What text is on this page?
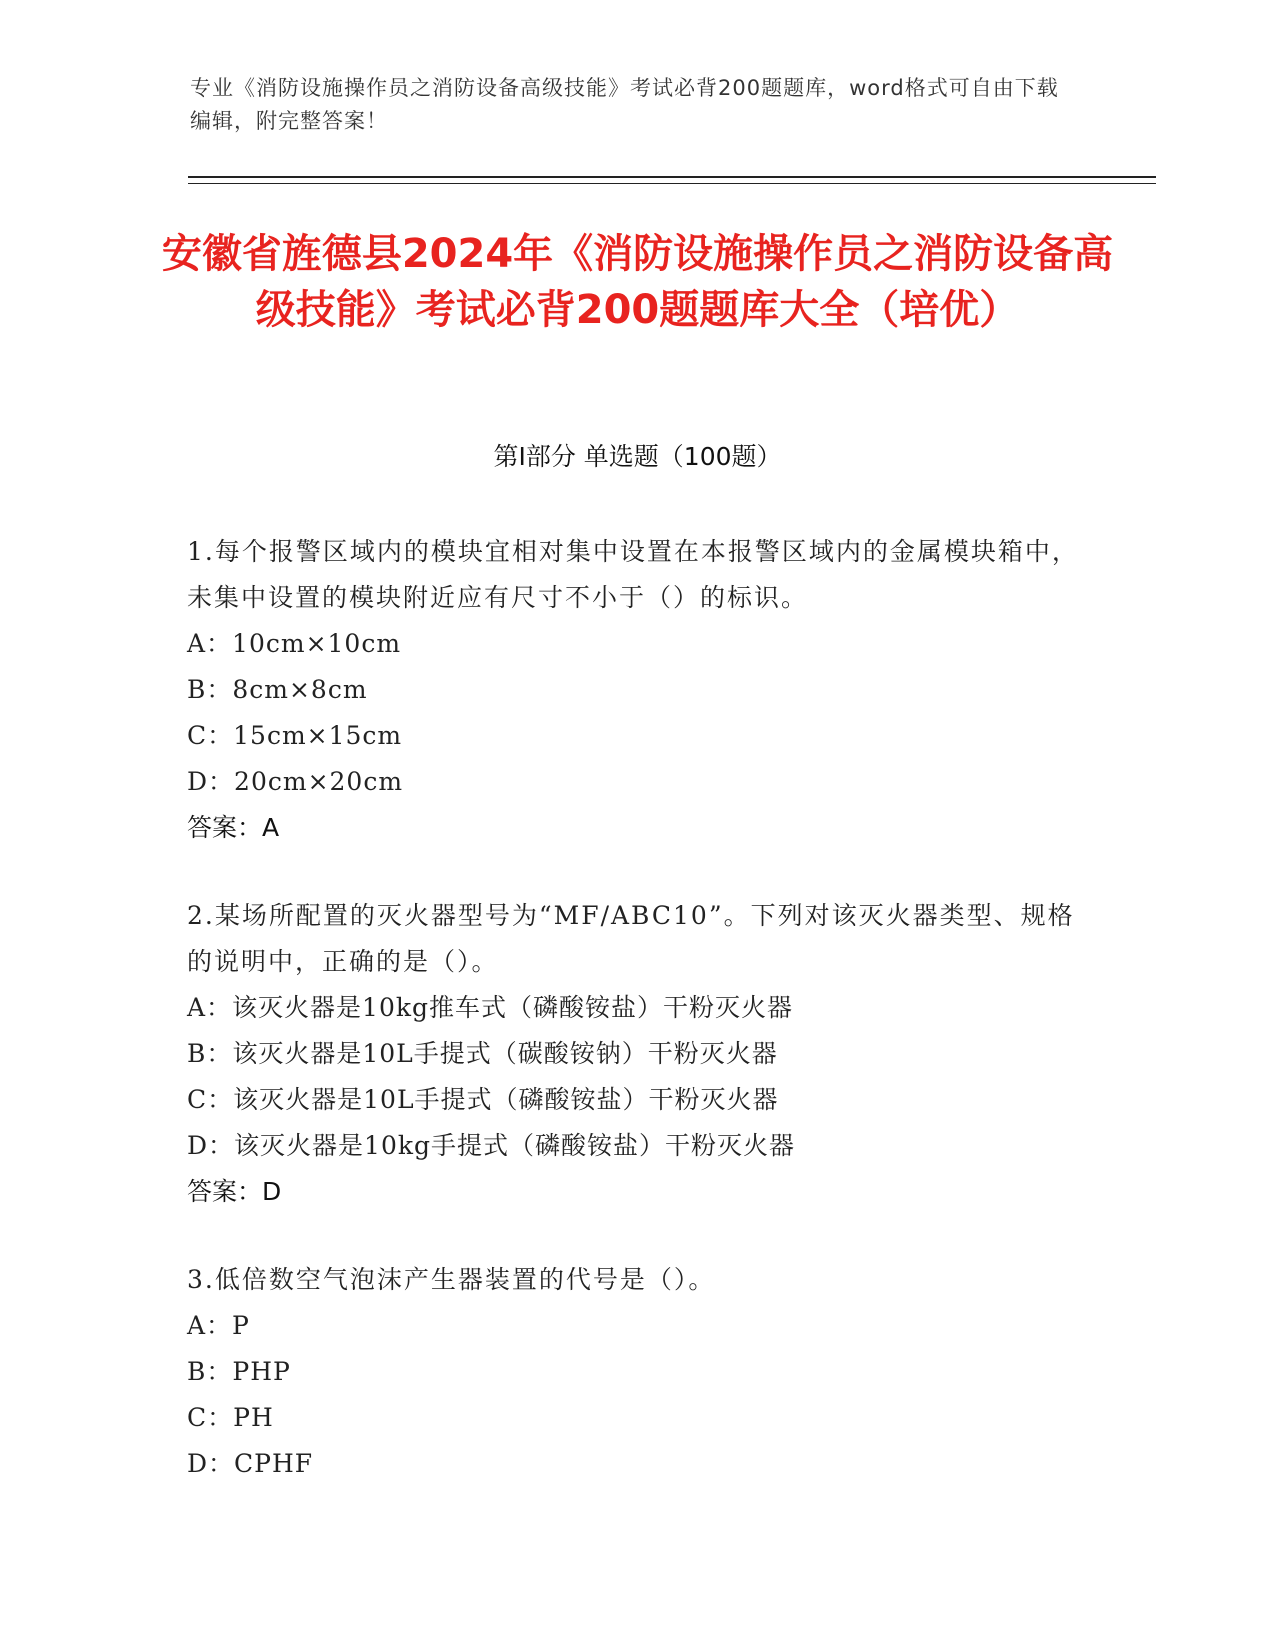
专业《消防设施操作员之消防设备高级技能》考试必背200题题库，word格式可自由下载编辑，附完整答案！
安徽省旌德县2024年《消防设施操作员之消防设备高级技能》考试必背200题题库大全（培优）
第I部分 单选题（100题）
1.每个报警区域内的模块宜相对集中设置在本报警区域内的金属模块箱中，未集中设置的模块附近应有尺寸不小于（）的标识。
A：10cm×10cm
B：8cm×8cm
C：15cm×15cm
D：20cm×20cm
答案：A
2.某场所配置的灭火器型号为“MF/ABC10”。下列对该灭火器类型、规格的说明中，正确的是（）。
A：该灭火器是10kg推车式（磷酸铵盐）干粉灭火器
B：该灭火器是10L手提式（碳酸铵钠）干粉灭火器
C：该灭火器是10L手提式（磷酸铵盐）干粉灭火器
D：该灭火器是10kg手提式（磷酸铵盐）干粉灭火器
答案：D
3.低倍数空气泡沫产生器装置的代号是（）。
A：P
B：PHP
C：PH
D：CPHF
